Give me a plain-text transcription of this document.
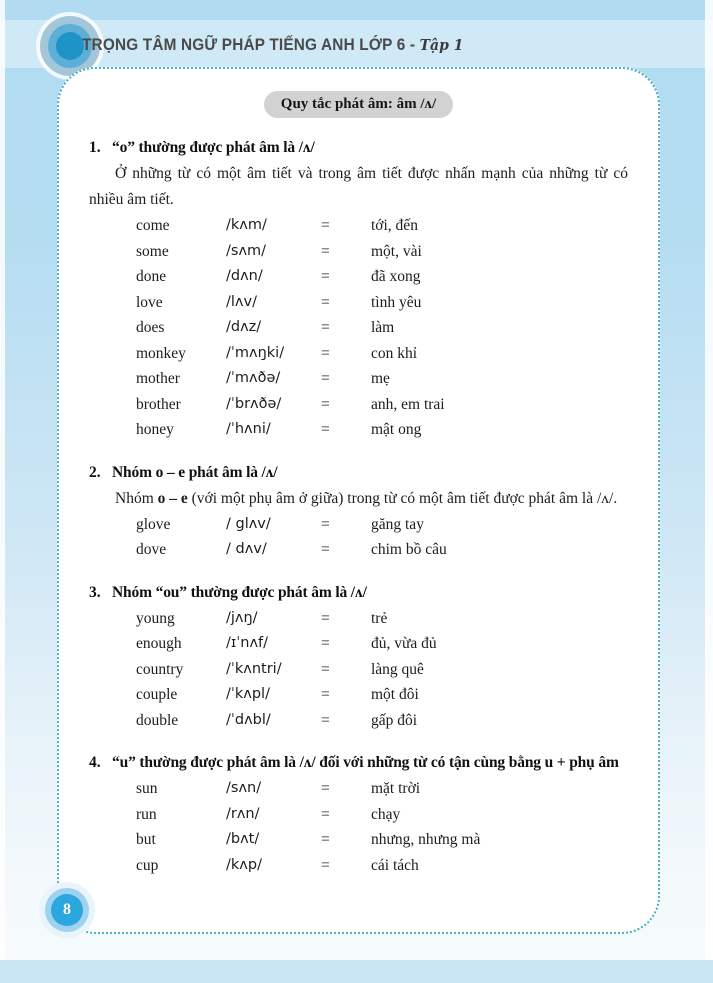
TRỌNG TÂM NGỮ PHÁP TIẾNG ANH LỚP 6 - Tập 1
Quy tắc phát âm: âm /ʌ/
1. “o” thường được phát âm là /ʌ/

Ở những từ có một âm tiết và trong âm tiết được nhấn mạnh của những từ có nhiều âm tiết.

come	/kʌm/	=	tới, đến
some	/sʌm/	=	một, vài
done	/dʌn/	=	đã xong
love	/lʌv/	=	tình yêu
does	/dʌz/	=	làm
monkey	/ˈmʌŋki/	=	con khỉ
mother	/ˈmʌðə/	=	mẹ
brother	/ˈbrʌðə/	=	anh, em trai
honey	/ˈhʌni/	=	mật ong
2. Nhóm o – e phát âm là /ʌ/

Nhóm o – e (với một phụ âm ở giữa) trong từ có một âm tiết được phát âm là /ʌ/.

glove	/ glʌv/	=	găng tay
dove	/ dʌv/	=	chim bồ câu
3. Nhóm “ou” thường được phát âm là /ʌ/
young	/jʌŋ/	=	trẻ
enough	/ɪˈnʌf/	=	đủ, vừa đủ
country	/ˈkʌntri/	=	làng quê
couple	/ˈkʌpl/	=	một đôi
double	/ˈdʌbl/	=	gấp đôi
4. “u” thường được phát âm là /ʌ/ đối với những từ có tận cùng bằng u + phụ âm
sun	/sʌn/	=	mặt trời
run	/rʌn/	=	chạy
but	/bʌt/	=	nhưng, nhưng mà
cup	/kʌp/	=	cái tách
8
